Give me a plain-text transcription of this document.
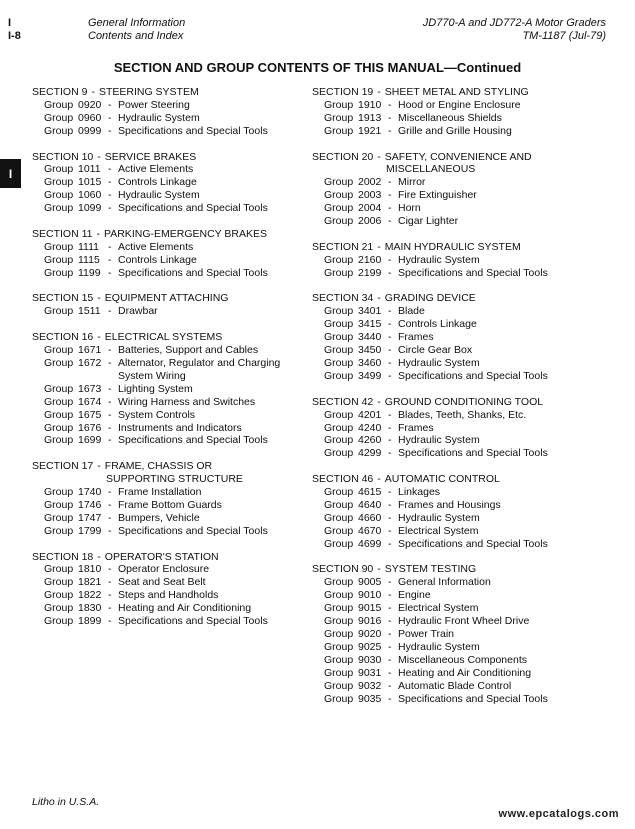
I
I-8
General Information
Contents and Index
JD770-A and JD772-A Motor Graders
TM-1187 (Jul-79)
SECTION AND GROUP CONTENTS OF THIS MANUAL—Continued
I
SECTION 9 - STEERING SYSTEM
Group 0920 - Power Steering
Group 0960 - Hydraulic System
Group 0999 - Specifications and Special Tools
SECTION 10 - SERVICE BRAKES
Group 1011 - Active Elements
Group 1015 - Controls Linkage
Group 1060 - Hydraulic System
Group 1099 - Specifications and Special Tools
SECTION 11 - PARKING-EMERGENCY BRAKES
Group 1111 - Active Elements
Group 1115 - Controls Linkage
Group 1199 - Specifications and Special Tools
SECTION 15 - EQUIPMENT ATTACHING
Group 1511 - Drawbar
SECTION 16 - ELECTRICAL SYSTEMS
Group 1671 - Batteries, Support and Cables
Group 1672 - Alternator, Regulator and Charging
System Wiring
Group 1673 - Lighting System
Group 1674 - Wiring Harness and Switches
Group 1675 - System Controls
Group 1676 - Instruments and Indicators
Group 1699 - Specifications and Special Tools
SECTION 17 - FRAME, CHASSIS OR
SUPPORTING STRUCTURE
Group 1740 - Frame Installation
Group 1746 - Frame Bottom Guards
Group 1747 - Bumpers, Vehicle
Group 1799 - Specifications and Special Tools
SECTION 18 - OPERATOR'S STATION
Group 1810 - Operator Enclosure
Group 1821 - Seat and Seat Belt
Group 1822 - Steps and Handholds
Group 1830 - Heating and Air Conditioning
Group 1899 - Specifications and Special Tools
SECTION 19 - SHEET METAL AND STYLING
Group 1910 - Hood or Engine Enclosure
Group 1913 - Miscellaneous Shields
Group 1921 - Grille and Grille Housing
SECTION 20 - SAFETY, CONVENIENCE AND
MISCELLANEOUS
Group 2002 - Mirror
Group 2003 - Fire Extinguisher
Group 2004 - Horn
Group 2006 - Cigar Lighter
SECTION 21 - MAIN HYDRAULIC SYSTEM
Group 2160 - Hydraulic System
Group 2199 - Specifications and Special Tools
SECTION 34 - GRADING DEVICE
Group 3401 - Blade
Group 3415 - Controls Linkage
Group 3440 - Frames
Group 3450 - Circle Gear Box
Group 3460 - Hydraulic System
Group 3499 - Specifications and Special Tools
SECTION 42 - GROUND CONDITIONING TOOL
Group 4201 - Blades, Teeth, Shanks, Etc.
Group 4240 - Frames
Group 4260 - Hydraulic System
Group 4299 - Specifications and Special Tools
SECTION 46 - AUTOMATIC CONTROL
Group 4615 - Linkages
Group 4640 - Frames and Housings
Group 4660 - Hydraulic System
Group 4670 - Electrical System
Group 4699 - Specifications and Special Tools
SECTION 90 - SYSTEM TESTING
Group 9005 - General Information
Group 9010 - Engine
Group 9015 - Electrical System
Group 9016 - Hydraulic Front Wheel Drive
Group 9020 - Power Train
Group 9025 - Hydraulic System
Group 9030 - Miscellaneous Components
Group 9031 - Heating and Air Conditioning
Group 9032 - Automatic Blade Control
Group 9035 - Specifications and Special Tools
Litho in U.S.A.
www.epcatalogs.com
